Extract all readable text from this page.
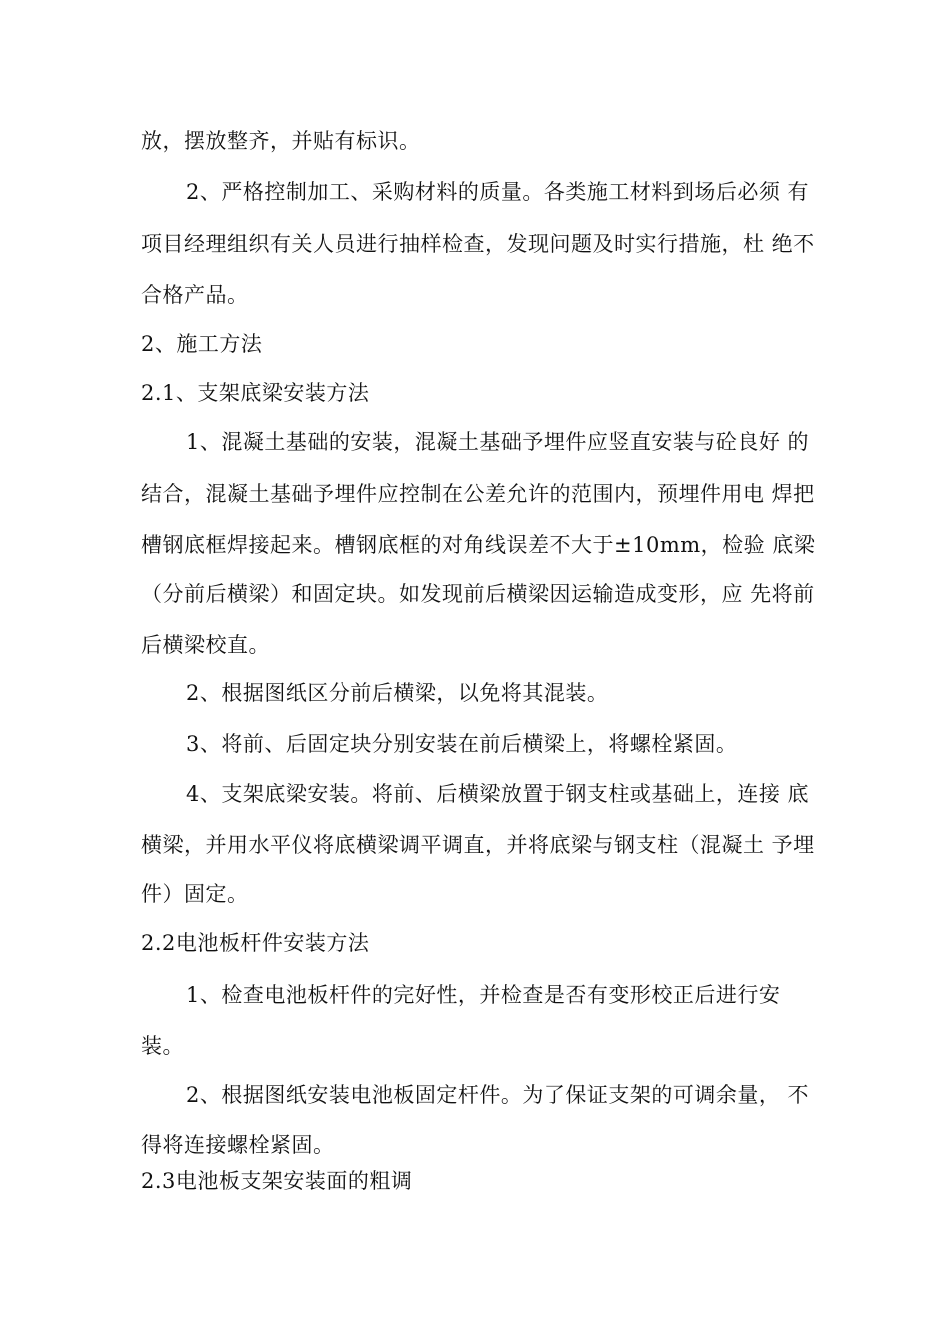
放，摆放整齐，并贴有标识。
2、严格控制加工、采购材料的质量。各类施工材料到场后必须 有
项目经理组织有关人员进行抽样检查，发现问题及时实行措施，杜 绝不
合格产品。
2、施工方法
2.1、支架底梁安装方法
1、混凝土基础的安装，混凝土基础予埋件应竖直安装与砼良好 的
结合，混凝土基础予埋件应控制在公差允许的范围内，预埋件用电 焊把
槽钢底框焊接起来。槽钢底框的对角线误差不大于±10mm，检验 底梁
（分前后横梁）和固定块。如发现前后横梁因运输造成变形，应 先将前
后横梁校直。
2、根据图纸区分前后横梁，以免将其混装。
3、将前、后固定块分别安装在前后横梁上，将螺栓紧固。
4、支架底梁安装。将前、后横梁放置于钢支柱或基础上，连接 底
横梁，并用水平仪将底横梁调平调直，并将底梁与钢支柱（混凝土 予埋
件）固定。
2.2电池板杆件安装方法
1、检查电池板杆件的完好性，并检查是否有变形校正后进行安
装。
2、根据图纸安装电池板固定杆件。为了保证支架的可调余量， 不
得将连接螺栓紧固。
2.3电池板支架安装面的粗调
